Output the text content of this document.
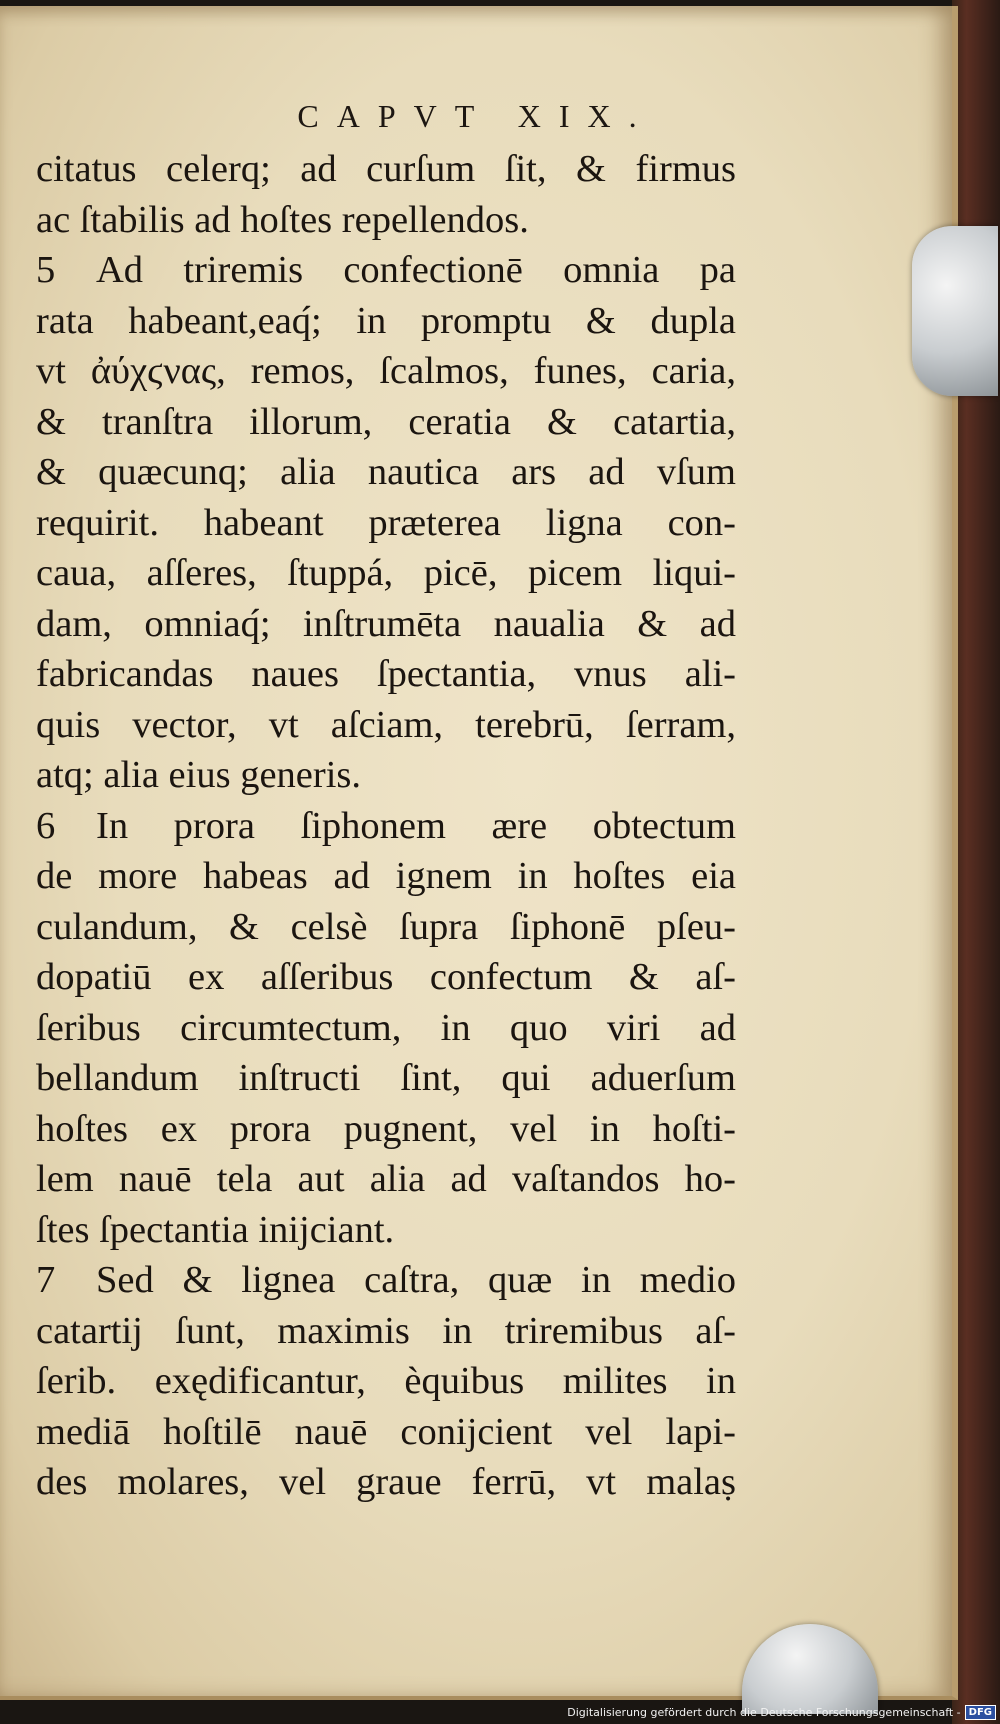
CAPVT XIX.
citatus celerq; ad curſum ſit, & firmus
ac ſtabilis ad hoſtes repellendos.
5 Ad triremis confectionē omnia pa
rata habeant,eaq́; in promptu & dupla
vt ἀύχϛνας, remos, ſcalmos, funes, caria,
& tranſtra illorum, ceratia & catartia,
& quæcunq; alia nautica ars ad vſum
requirit. habeant præterea ligna con-
caua, aſſeres, ſtuppá, picē, picem liqui-
dam, omniaq́; inſtrumēta naualia & ad
fabricandas naues ſpectantia, vnus ali-
quis vector, vt aſciam, terebrū, ſerram,
atq; alia eius generis.
6 In prora ſiphonem ære obtectum
de more habeas ad ignem in hoſtes eia
culandum, & celsè ſupra ſiphonē pſeu-
dopatiū ex aſſeribus confectum & aſ-
ſeribus circumtectum, in quo viri ad
bellandum inſtructi ſint, qui aduerſum
hoſtes ex prora pugnent, vel in hoſti-
lem nauē tela aut alia ad vaſtandos ho-
ſtes ſpectantia inijciant.
7 Sed & lignea caſtra, quæ in medio
catartij ſunt, maximis in triremibus aſ-
ſerib. exędificantur, èquibus milites in
mediā hoſtilē nauē conijcient vel lapi-
des molares, vel graue ferrū, vt malaṣ
Digitalisierung gefördert durch die Deutsche Forschungsgemeinschaft - DFG
